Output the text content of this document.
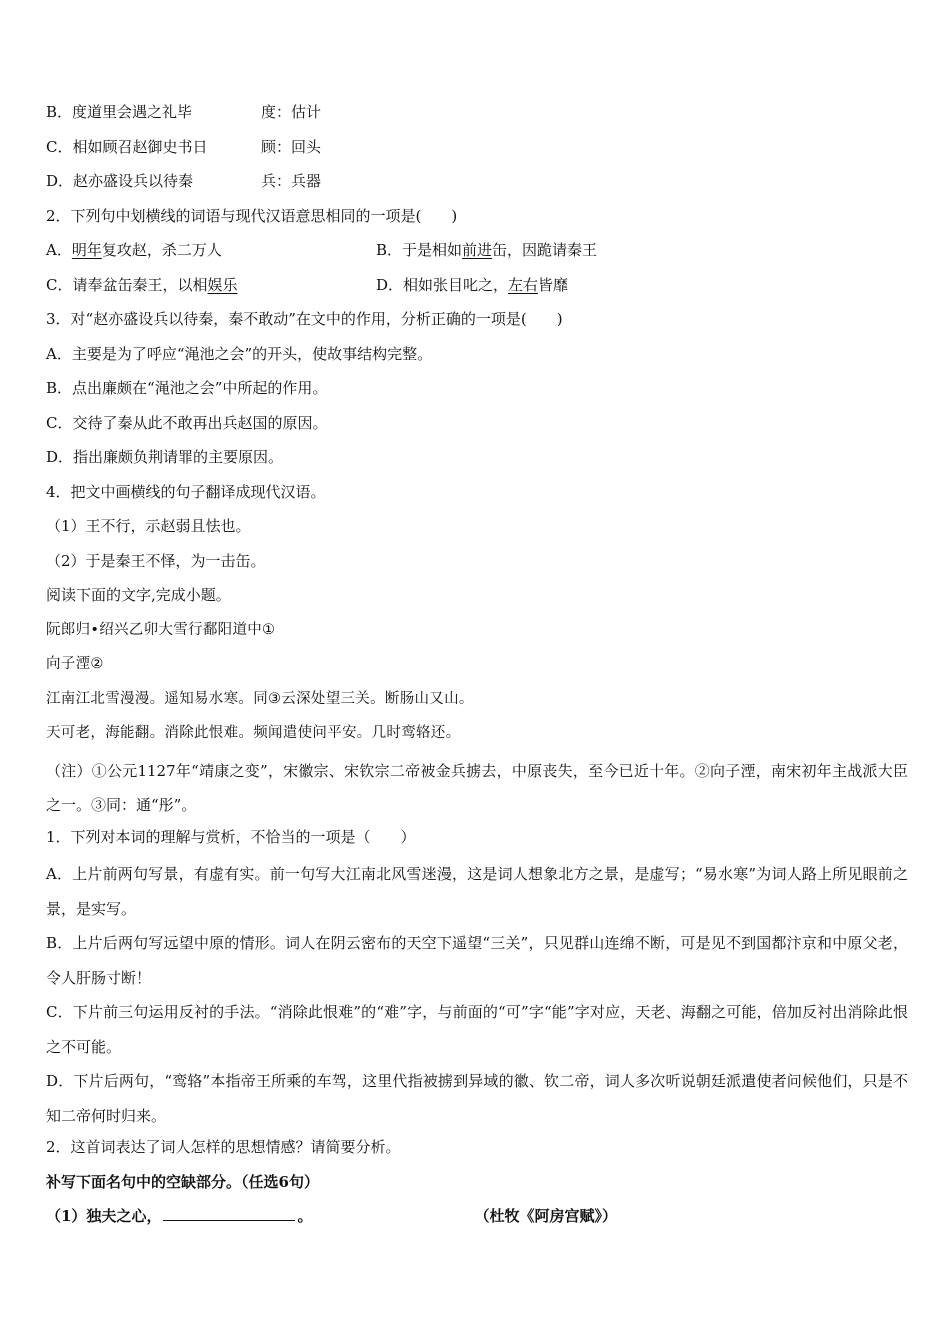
B．度道里会遇之礼毕	度：估计
C．相如顾召赵御史书日	顾：回头
D．赵亦盛设兵以待秦	兵：兵器
2．下列句中划横线的词语与现代汉语意思相同的一项是(　　)
A．明年复攻赵，杀二万人	B．于是相如前进缶，因跪请秦王
C．请奉盆缶秦王，以相娱乐	D．相如张目叱之，左右皆靡
3．对“赵亦盛设兵以待秦，秦不敢动”在文中的作用，分析正确的一项是(　　)
A．主要是为了呼应“渑池之会”的开头，使故事结构完整。
B．点出廉颇在“渑池之会”中所起的作用。
C．交待了秦从此不敢再出兵赵国的原因。
D．指出廉颇负荆请罪的主要原因。
4．把文中画横线的句子翻译成现代汉语。
（1）王不行，示赵弱且怯也。
（2）于是秦王不怿，为一击缶。
阅读下面的文字,完成小题。
阮郎归•绍兴乙卯大雪行鄱阳道中①
向子湮②
江南江北雪漫漫。遥知易水寒。同③云深处望三关。断肠山又山。
天可老，海能翻。消除此恨难。频闻遣使问平安。几时鸾辂还。
（注）①公元1127年“靖康之变”，宋徽宗、宋钦宗二帝被金兵掳去，中原丧失，至今已近十年。②向子湮，南宋初年主战派大臣之一。③同：通“彤”。
1．下列对本词的理解与赏析，不恰当的一项是（　　）
A．上片前两句写景，有虚有实。前一句写大江南北风雪迷漫，这是词人想象北方之景，是虚写；“易水寒”为词人路上所见眼前之景，是实写。
B．上片后两句写远望中原的情形。词人在阴云密布的天空下遥望“三关”，只见群山连绵不断，可是见不到国都汴京和中原父老，令人肝肠寸断！
C．下片前三句运用反衬的手法。“消除此恨难”的“难”字，与前面的“可”字“能”字对应，天老、海翻之可能，倍加反衬出消除此恨之不可能。
D．下片后两句，“鸾辂”本指帝王所乘的车驾，这里代指被掳到异域的徽、钦二帝，词人多次听说朝廷派遣使者问候他们，只是不知二帝何时归来。
2．这首词表达了词人怎样的思想情感？请简要分析。
补写下面名句中的空缺部分。（任选6句）
（1）独夫之心，	。	（杜牧《阿房宫赋》）
